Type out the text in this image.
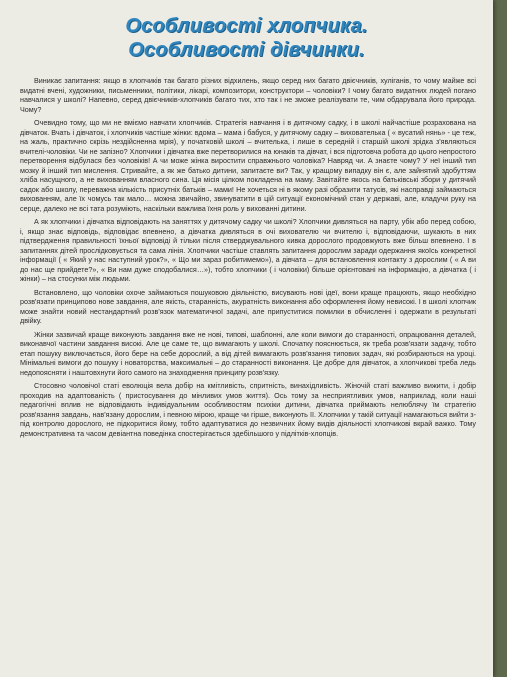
Особливості хлопчика.
Особливості дівчинки.

Виникає запитання: якщо в хлопчиків так багато різних відхилень, якщо серед них багато двієчників, хуліганів, то чому майже всі видатні вчені, художники, письменники, політики, лікарі, композитори, конструктори – чоловіки? І чому багато видатних людей погано навчалися у школі? Напевно, серед двієчників-хлопчиків багато тих, хто так і не зможе реалізувати те, чим обдарувала його природа. Чому?

Очевидно тому, що ми не вміємо навчати хлопчиків. Стратегія навчання і в дитячому садку, і в школі найчастіше розрахована на дівчаток. Вчать і дівчаток, і хлопчиків частіше жінки: вдома – мама і бабуся, у дитячому садку – вихователька ( « вусатий нянь» - це теж, на жаль, практично скрізь нездійсненна мрія), у початковій школі – вчителька, і лише в середній і старшій школі зрідка з'являються вчителі-чоловіки. Чи не запізно? Хлопчики і дівчатка вже перетворилися на юнаків та дівчат, і вся підготовча робота до цього непростого перетворення відбулася без чоловіків! А чи може жінка виростити справжнього чоловіка? Навряд чи. А знаєте чому? У неї інший тип мозку й інший тип мислення. Стривайте, а як же батько дитини, запитаєте ви? Так, у кращому випадку він є, але зайнятий здобуттям хліба насущного, а не вихованням власного сина. Ця місія цілком покладена на маму. Завітайте якось на батьківські збори у дитячий садок або школу, переважна кількість присутніх батьків – мами! Не хочеться ні в якому разі образити татусів, які насправді займаються вихованням, але їх чомусь так мало… можна звичайно, звинуватити в цій ситуації економічний стан у державі, але, кладучи руку на серце, далеко не всі тата розуміють, наскільки важлива їхня роль у вихованні дитини.

А як хлопчики і дівчатка відповідають на заняттях у дитячому садку чи школі? Хлопчики дивляться на парту, убік або перед собою, і, якщо знає відповідь, відповідає впевнено, а дівчатка дивляться в очі вихователю чи вчителю і, відповідаючи, шукають в них підтвердження правильності їхньої відповіді й тільки після стверджувального кивка дорослого продовжують вже більш впевнено. І в запитаннях дітей прослідковується та сама лінія. Хлопчики частіше ставлять запитання дорослим заради одержання якоїсь конкретної інформації ( « Який у нас наступний урок?», « Що ми зараз робитимемо»), а дівчата – для встановлення контакту з дорослим ( « А ви до нас ще прийдете?», « Ви нам дуже сподобалися…»), тобто хлопчики ( і чоловіки) більше орієнтовані на інформацію, а дівчатка ( і жінки) – на стосунки між людьми.

Встановлено, що чоловіки охоче займаються пошуковою діяльністю, висувають нові ідеї, вони краще працюють, якщо необхідно розв'язати принципово нове завдання, але якість, старанність, акуратність виконання або оформлення йому невисокі. І в школі хлопчик може знайти новий нестандартний розв'язок математичної задачі, але припуститися помилки в обчисленні і одержати в результаті двійку.

Жінки зазвичай краще виконують завдання вже не нові, типові, шаблонні, але коли вимоги до старанності, опрацювання деталей, виконавчої частини завдання високі. Але це саме те, що вимагають у школі. Спочатку пояснюється, як треба розв'язати задачу, тобто етап пошуку виключається, його бере на себе дорослий, а від дітей вимагають розв'язання типових задач, які розбираються на уроці. Мінімальні вимоги до пошуку і новаторства, максимальні – до старанності виконання. Це добре для дівчаток, а хлопчикові треба ледь недопоясняти і наштовхнути його самого на знаходження принципу розв'язку.

Стосовно чоловічої статі еволюція вела добір на кмітливість, спритність, винахідливість. Жіночій статі важливо вижити, і добір проходив на адаптованість ( пристосування до мінливих умов життя). Ось тому за несприятливих умов, наприклад, коли наші педагогічні вплив не відповідають індивідуальним особливостям психіки дитини, дівчатка приймають нелюблячу їм стратегію розв'язання завдань, нав'язану дорослим, і певною мірою, краще чи гірше, виконують її. Хлопчики у такій ситуації намагаються вийти з-під контролю дорослого, не підкоритися йому, тобто адаптуватися до незвичних йому видів діяльності хлопчикові вкрай важко. Тому демонстративна та часом девіантна поведінка спостерігається здебільшого у підлітків-хлопців.
